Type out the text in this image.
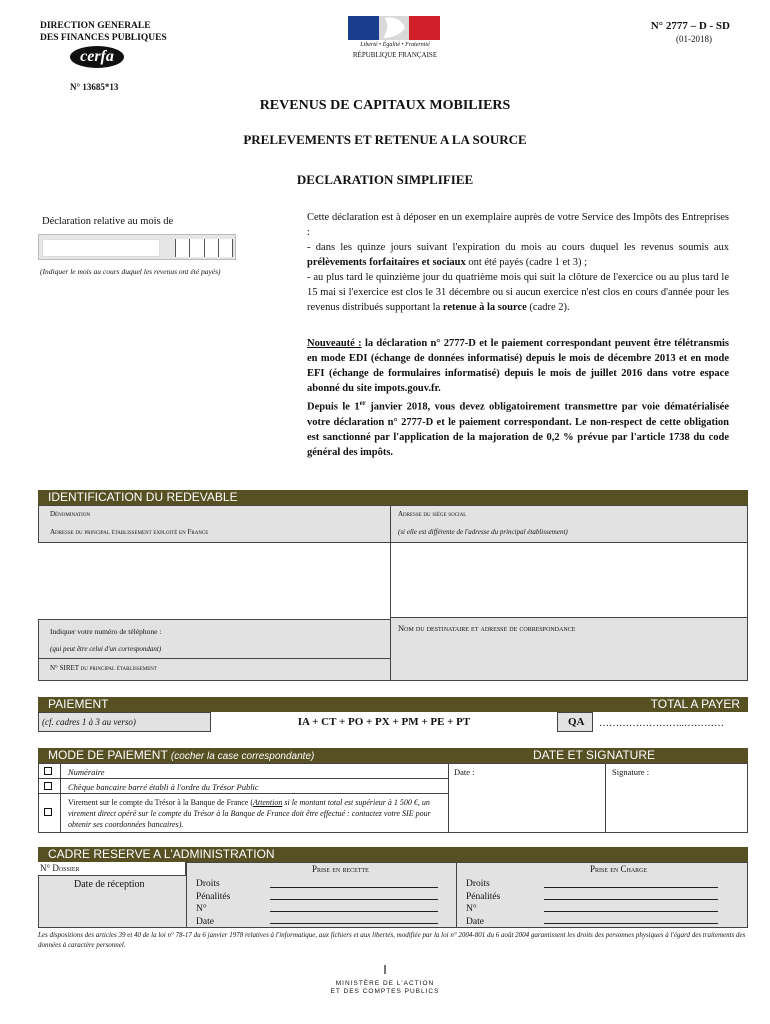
DIRECTION GENERALE
DES FINANCES PUBLIQUES
cerfa
N° 13685*13
Liberté • Égalité • Fraternité
RÉPUBLIQUE FRANÇAISE
N° 2777 – D - SD
(01-2018)
REVENUS DE CAPITAUX MOBILIERS
PRELEVEMENTS ET RETENUE A LA SOURCE
DECLARATION SIMPLIFIEE
Déclaration relative au mois de
(Indiquer le mois au cours duquel les revenus ont été payés)
Cette déclaration est à déposer en un exemplaire auprès de votre Service des Impôts des Entreprises :
- dans les quinze jours suivant l'expiration du mois au cours duquel les revenus soumis aux prélèvements forfaitaires et sociaux ont été payés (cadre 1 et 3) ;
- au plus tard le quinzième jour du quatrième mois qui suit la clôture de l'exercice ou au plus tard le 15 mai si l'exercice est clos le 31 décembre ou si aucun exercice n'est clos en cours d'année pour les revenus distribués supportant la retenue à la source (cadre 2).
Nouveauté : la déclaration n° 2777-D et le paiement correspondant peuvent être télétransmis en mode EDI (échange de données informatisé) depuis le mois de décembre 2013 et en mode EFI (échange de formulaires informatisé) depuis le mois de juillet 2016 dans votre espace abonné du site impots.gouv.fr.
Depuis le 1er janvier 2018, vous devez obligatoirement transmettre par voie dématérialisée votre déclaration n° 2777-D et le paiement correspondant. Le non-respect de cette obligation est sanctionné par l'application de la majoration de 0,2 % prévue par l'article 1738 du code général des impôts.
IDENTIFICATION DU REDEVABLE
Dénomination
Adresse du principal établissement exploité en France
Adresse du siège social
(si elle est différente de l'adresse du principal établissement)
Indiquer votre numéro de téléphone :
(qui peut être celui d'un correspondant)
N° SIRET du principal établissement
Nom du destinataire et adresse de correspondance
PAIEMENT	TOTAL A PAYER
(cf. cadres 1 à 3 au verso)	IA + CT + PO + PX + PM + PE + PT	QA	……………………..…………
MODE DE PAIEMENT (cocher la case correspondante)	DATE ET SIGNATURE
Numéraire
Chèque bancaire barré établi à l'ordre du Trésor Public
Virement sur le compte du Trésor à la Banque de France (Attention si le montant total est supérieur à 1 500 €, un virement direct opéré sur le compte du Trésor à la Banque de France doit être effectué : contactez votre SIE pour obtenir ses coordonnées bancaires).
Date :	Signature :
CADRE RESERVE A L'ADMINISTRATION
N° Dossier
Date de réception
Prise en recette	Prise en Charge
Droits
Pénalités
N°
Date
Droits
Pénalités
N°
Date
Les dispositions des articles 39 et 40 de la loi n° 78-17 du 6 janvier 1978 relatives à l'informatique, aux fichiers et aux libertés, modifiée par la loi n° 2004-801 du 6 août 2004 garantissent les droits des personnes physiques à l'égard des traitements des données à caractère personnel.
MINISTÈRE DE L'ACTION
ET DES COMPTES PUBLICS
